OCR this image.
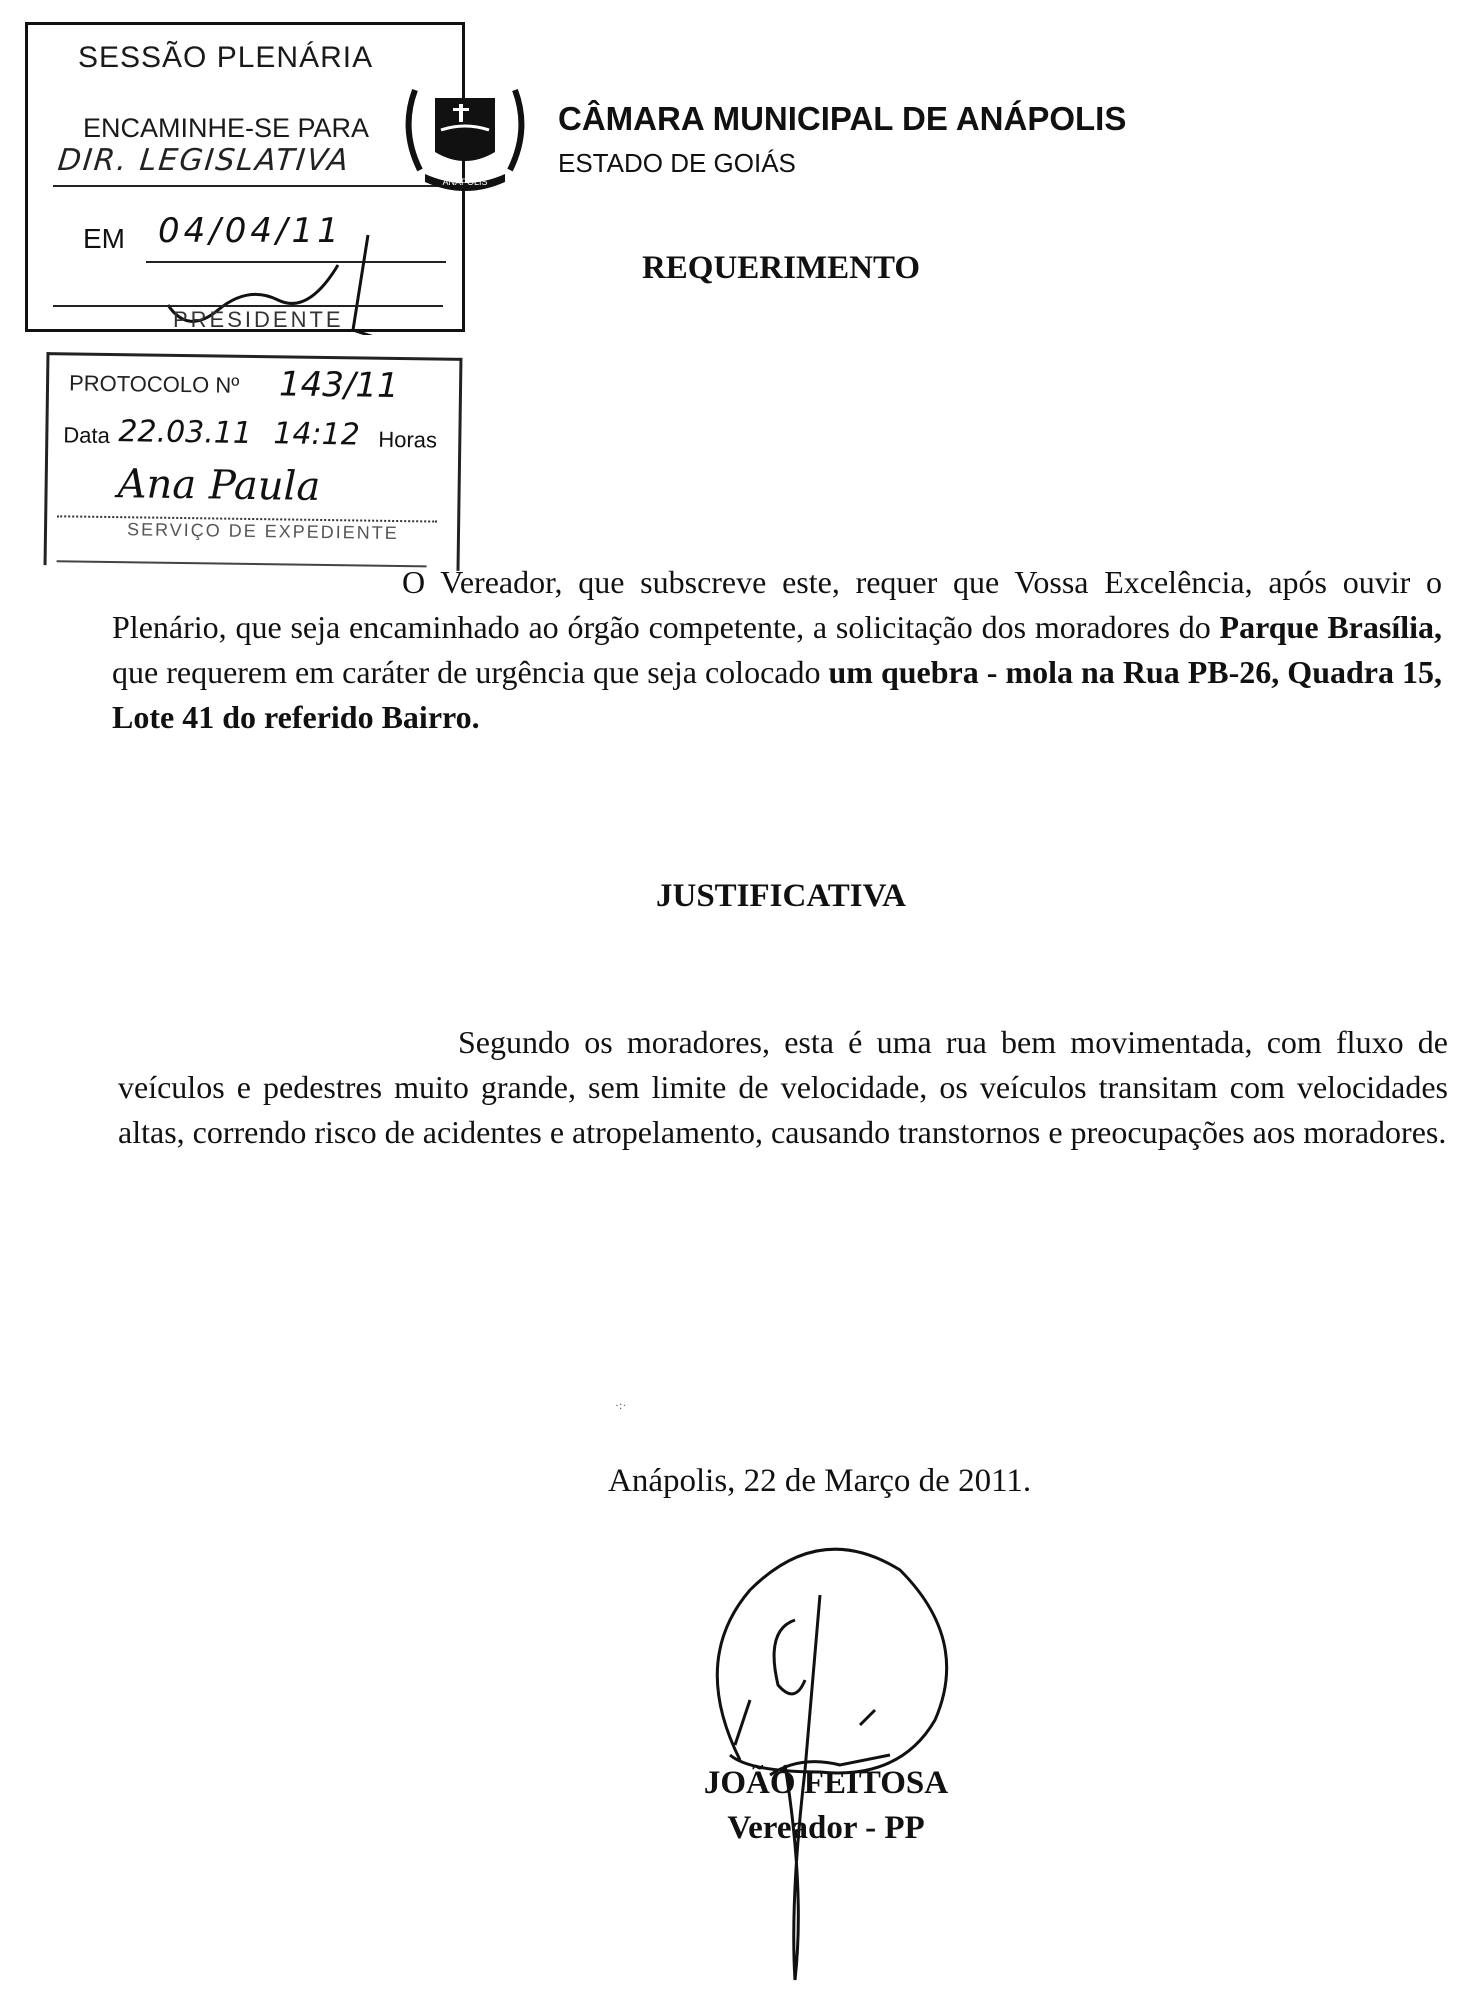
SESSÃO PLENÁRIA
ENCAMINHE-SE PARA
DIR. LEGISLATIVA
EM 04/04/11
PRESIDENTE
PROTOCOLO Nº 143/11
Data 22.03.11 14:12 Horas
Ana Paula
SERVIÇO DE EXPEDIENTE
ANÁPOLIS
CÂMARA MUNICIPAL DE ANÁPOLIS
ESTADO DE GOIÁS
REQUERIMENTO
O Vereador, que subscreve este, requer que Vossa Excelência, após ouvir o Plenário, que seja encaminhado ao órgão competente, a solicitação dos moradores do Parque Brasília, que requerem em caráter de urgência que seja colocado um quebra - mola na Rua PB-26, Quadra 15, Lote 41 do referido Bairro.
JUSTIFICATIVA
Segundo os moradores, esta é uma rua bem movimentada, com fluxo de veículos e pedestres muito grande, sem limite de velocidade, os veículos transitam com velocidades altas, correndo risco de acidentes e atropelamento, causando transtornos e preocupações aos moradores.
·:·
Anápolis, 22 de Março de 2011.
JOÃO FEITOSA
Vereador - PP
